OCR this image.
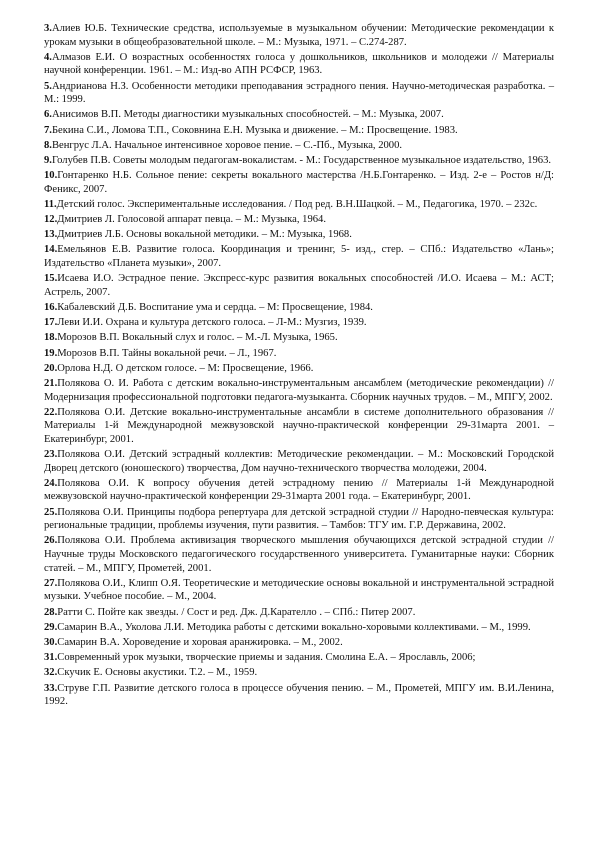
3.Алиев Ю.Б. Технические средства, используемые в музыкальном обучении: Методические рекомендации к урокам музыки в общеобразовательной школе. – М.: Музыка, 1971. – С.274-287.

4.Алмазов Е.И. О возрастных особенностях голоса у дошкольников, школьников и молодежи // Материалы научной конференции. 1961. – М.: Изд-во АПН РСФСР, 1963.

5.Андрианова Н.З. Особенности методики преподавания эстрадного пения. Научно-методическая разработка. – М.: 1999.

6.Анисимов В.П. Методы диагностики музыкальных способностей. – М.: Музыка, 2007.

7.Бекина С.И., Ломова Т.П., Соковнина Е.Н. Музыка и движение. – М.: Просвещение. 1983.

8.Венгрус Л.А. Начальное интенсивное хоровое пение. – С.-Пб., Музыка, 2000.

9.Голубев П.В. Советы молодым педагогам-вокалистам. - М.: Государственное музыкальное издательство, 1963.

10.Гонтаренко Н.Б. Сольное пение: секреты вокального мастерства /Н.Б.Гонтаренко. – Изд. 2-е – Ростов н/Д: Феникс, 2007.

11.Детский голос. Экспериментальные исследования. / Под ред. В.Н.Шацкой. – М., Педагогика, 1970. – 232с.

12.Дмитриев Л. Голосовой аппарат певца. – М.: Музыка, 1964.

13.Дмитриев Л.Б. Основы вокальной методики. – М.: Музыка, 1968.

14.Емельянов Е.В. Развитие голоса. Координация и тренинг, 5- изд., стер. – СПб.: Издательство «Лань»; Издательство «Планета музыки», 2007.

15.Исаева И.О. Эстрадное пение. Экспресс-курс развития вокальных способностей /И.О. Исаева – М.: АСТ; Астрель, 2007.

16.Кабалевский Д.Б. Воспитание ума и сердца. – М: Просвещение, 1984.

17.Леви И.И. Охрана и культура детского голоса. – Л-М.: Музгиз, 1939.

18.Морозов В.П. Вокальный слух и голос. – М.-Л. Музыка, 1965.

19.Морозов В.П. Тайны вокальной речи. – Л., 1967.

20.Орлова Н.Д. О детском голосе. – М: Просвещение, 1966.

21.Полякова О. И. Работа с детским вокально-инструментальным ансамблем (методические рекомендации) // Модернизация профессиональной подготовки педагога-музыканта. Сборник научных трудов. – М., МПГУ, 2002.

22.Полякова О.И. Детские вокально-инструментальные ансамбли в системе дополнительного образования // Материалы 1-й Международной межвузовской научно-практической конференции 29-31марта 2001. – Екатеринбург, 2001.

23.Полякова О.И. Детский эстрадный коллектив: Методические рекомендации. – М.: Московский Городской Дворец детского (юношеского) творчества, Дом научно-технического творчества молодежи, 2004.

24.Полякова О.И. К вопросу обучения детей эстрадному пению // Материалы 1-й Международной межвузовской научно-практической конференции 29-31марта 2001 года. – Екатеринбург, 2001.

25.Полякова О.И. Принципы подбора репертуара для детской эстрадной студии // Народно-певческая культура: региональные традиции, проблемы изучения, пути развития. – Тамбов: ТГУ им. Г.Р. Державина, 2002.

26.Полякова О.И. Проблема активизация творческого мышления обучающихся детской эстрадной студии // Научные труды Московского педагогического государственного университета. Гуманитарные науки: Сборник статей. – М., МПГУ, Прометей, 2001.

27.Полякова О.И., Клипп О.Я. Теоретические и методические основы вокальной и инструментальной эстрадной музыки. Учебное пособие. – М., 2004.

28.Ратти С. Пойте как звезды. / Сост и ред. Дж. Д.Карателло . – СПб.: Питер 2007.

29.Самарин В.А., Уколова Л.И. Методика работы с детскими вокально-хоровыми коллективами. – М., 1999.

30.Самарин В.А. Хороведение и хоровая аранжировка. – М., 2002.

31.Современный урок музыки, творческие приемы и задания. Смолина Е.А. – Ярославль, 2006;

32.Скучик Е. Основы акустики. Т.2. – М., 1959.

33.Струве Г.П. Развитие детского голоса в процессе обучения пению. – М., Прометей, МПГУ им. В.И.Ленина, 1992.
